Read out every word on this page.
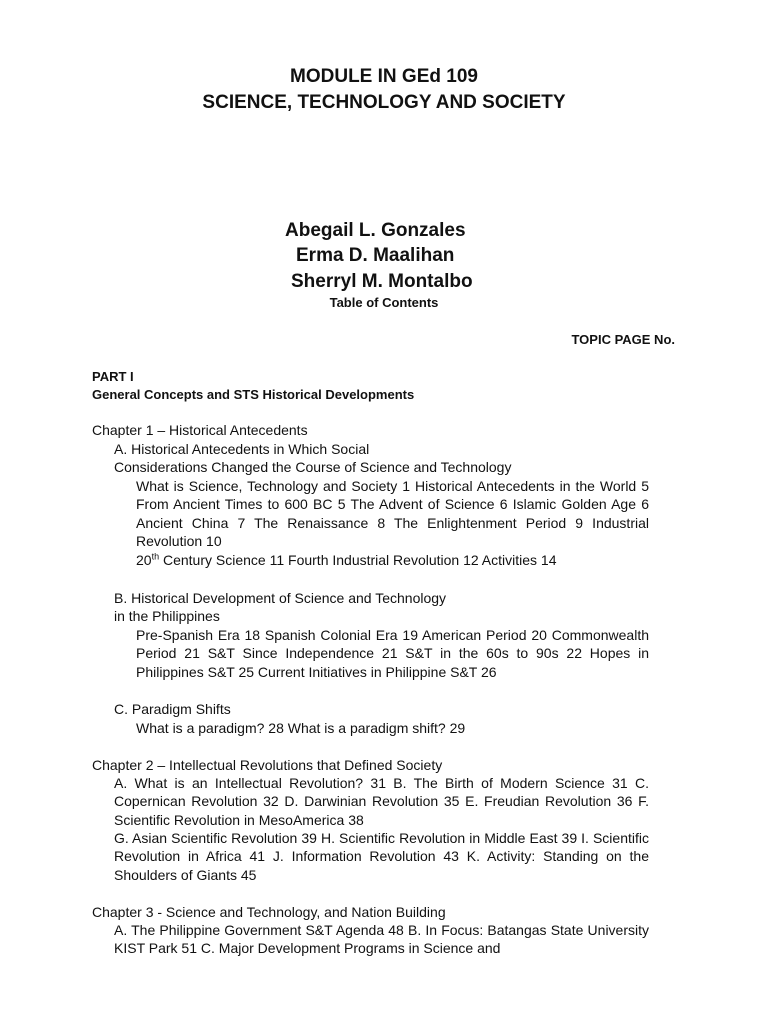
MODULE IN GEd 109
SCIENCE, TECHNOLOGY AND SOCIETY
Abegail L. Gonzales
Erma D. Maalihan
Sherryl M. Montalbo
Table of Contents
TOPIC PAGE No.
PART I
General Concepts and STS Historical Developments
Chapter 1 – Historical Antecedents
A. Historical Antecedents in Which Social
Considerations Changed the Course of Science and Technology
What is Science, Technology and Society 1 Historical Antecedents in the World 5 From Ancient Times to 600 BC 5 The Advent of Science 6 Islamic Golden Age 6 Ancient China 7 The Renaissance 8 The Enlightenment Period 9 Industrial Revolution 10
20th Century Science 11 Fourth Industrial Revolution 12 Activities 14
B. Historical Development of Science and Technology
in the Philippines
Pre-Spanish Era 18 Spanish Colonial Era 19 American Period 20 Commonwealth Period 21 S&T Since Independence 21 S&T in the 60s to 90s 22 Hopes in Philippines S&T 25 Current Initiatives in Philippine S&T 26
C. Paradigm Shifts
What is a paradigm? 28 What is a paradigm shift? 29
Chapter 2 – Intellectual Revolutions that Defined Society
A. What is an Intellectual Revolution? 31 B. The Birth of Modern Science 31 C. Copernican Revolution 32 D. Darwinian Revolution 35 E. Freudian Revolution 36 F. Scientific Revolution in MesoAmerica 38
G. Asian Scientific Revolution 39 H. Scientific Revolution in Middle East 39 I. Scientific Revolution in Africa 41 J. Information Revolution 43 K. Activity: Standing on the Shoulders of Giants 45
Chapter 3 - Science and Technology, and Nation Building
A. The Philippine Government S&T Agenda 48 B. In Focus: Batangas State University KIST Park 51 C. Major Development Programs in Science and
